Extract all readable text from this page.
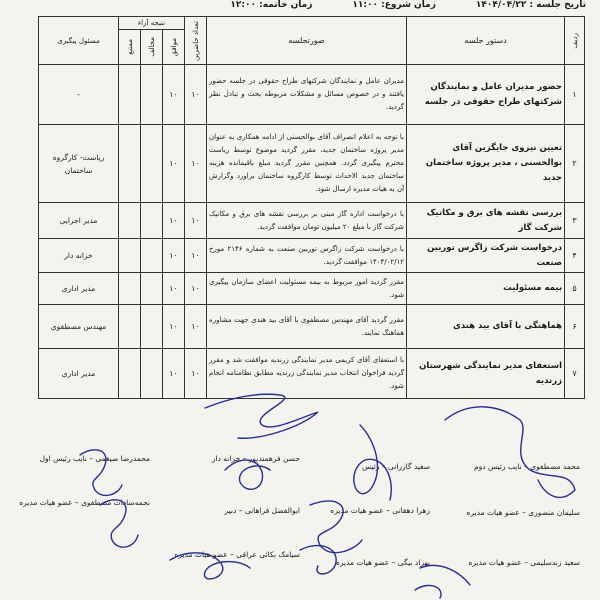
تاریخ جلسه : ۱۴۰۴/۰۴/۲۲
زمان شروع: ۱۱:۰۰
زمان خاتمه: ۱۲:۰۰
ردیف	دستور جلسه	صورتجلسه	تعداد حاضرین	نتیجه آراء			مسئول پیگیری

				موافق	مخالف	ممتنع	

۱	حضور مدیران عامل و نمایندگان شرکتهای طراح حقوقی در جلسه	مدیران عامل و نمایندگان شرکتهای طراح حقوقی در جلسه حضور یافتند و در خصوص مسائل و مشکلات مربوطه بحث و تبادل نظر گردید.	۱۰	۱۰			-
۲	تعیین نیروی جایگزین آقای بوالحسنی ، مدیر پروژه ساختمان جدید	با توجه به اعلام انصراف آقای بوالحسنی از ادامه همکاری به عنوان مدیر پروژه ساختمان جدید، مقرر گردید موضوع توسط ریاست محترم پیگیری گردد. همچنین مقرر گردید مبلغ باقیمانده هزینه ساختمان جدید الاحداث توسط کارگروه ساختمان براورد وگزارش آن به هیات مدیره ارسال شود.	۱۰	۱۰			ریاست- کارگروه ساختمان
۳	بررسی نقشه های برق و مکانیک شرکت گاز	با درخواست اداره گاز مبنی بر بررسی نقشه های برق و مکانیک شرکت گاز با مبلغ ۲۰ میلیون تومان موافقت گردید.	۱۰	۱۰			مدیر اجرایی
۴	درخواست شرکت زاگرس توربین صنعت	با درخواست شرکت زاگرس توربین صنعت به شماره ۲۱۴۶ مورخ ۱۴۰۴/۰۲/۱۲ موافقت گردید.	۱۰	۱۰			خزانه دار
۵	بیمه مسئولیت	مقرر گردید امور مربوط به بیمه مسئولیت اعضای سازمان پیگیری شود.	۱۰	۱۰			مدیر اداری
۶	هماهنگی با آقای بید هندی	مقرر گردید آقای مهندس مصطفوی با آقای بید هندی جهت مشاوره هماهنگ نمایند.	۱۰	۱۰			مهندس مصطفوی
۷	استعفای مدیر نمایندگی شهرستان زرندیه	با استعفای آقای کریمی مدیر نمایندگی زرندیه موافقت شد و مقرر گردید فراخوان انتخاب مدیر نمایندگی زرندیه مطابق نظامنامه انجام شود.	۱۰	۱۰			مدیر اداری
محمد مصطفوی – نایب رئیس دوم
سعید گازرانی – رئیس
حسن فرهمندپور – خزانه دار
محمدرضا صیغمی – نایب رئیس اول
سلیمان منصوری – عضو هیات مدیره
زهرا دهقانی – عضو هیات مدیره
ابوالفضل فراهانی – دبیر
نجمه‌سادات مصطفوی – عضو هیات مدیره
سعید زندسلیمی – عضو هیات مدیره
بهزاد بیگی – عضو هیات مدیره
سیامک بکائی عراقی – عضو هیات مدیره
